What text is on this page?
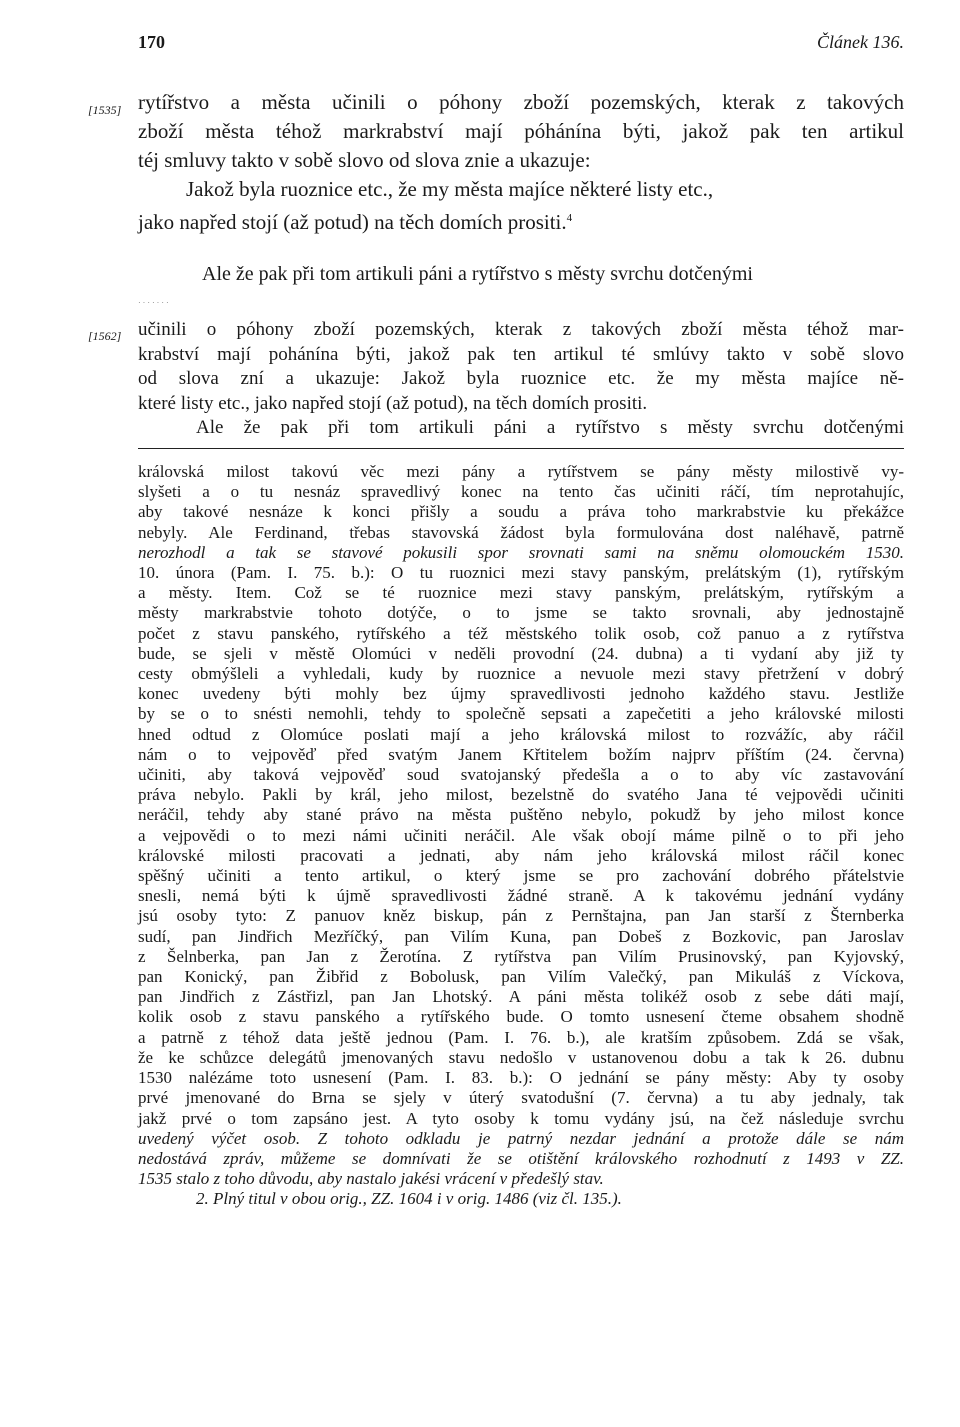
170	Článek 136.
[1535] rytířstvo a města učinili o póhony zboží pozemských, kterak z takových
zboží města téhož markrabství mají póhánína býti, jakož pak ten artikul
téj smluvy takto v sobě slovo od slova znie a ukazuje:
Jakož byla ruoznice etc., že my města majíce některé listy etc.,
jako napřed stojí (až potud) na těch domích prositi.$^4$
Ale že pak při tom artikuli páni a rytířstvo s městy svrchu dotčenými
·······
[1562] učinili o póhony zboží pozemských, kterak z takových zboží města téhož mar-
krabství mají pohánína býti, jakož pak ten artikul té smlúvy takto v sobě slovo
od slova zní a ukazuje: Jakož byla ruoznice etc. že my města majíce ně-
které listy etc., jako napřed stojí (až potud), na těch domích prositi.
Ale že pak při tom artikuli páni a rytířstvo s městy svrchu dotčenými
královská milost takovú věc mezi pány a rytířstvem se pány městy milostivě vy-
slyšeti a o tu nesnáz spravedlivý konec na tento čas učiniti ráčí, tím neprotahujíc,
aby takové nesnáze k konci přišly a soudu a práva toho markrabstvie ku překážce
nebyly. Ale Ferdinand, třebas stavovská žádost byla formulována dost naléhavě, patrně
nerozhodl a tak se stavové pokusili spor srovnati sami na sněmu olomouckém 1530.
10. února (Pam. I. 75. b.): O tu ruoznici mezi stavy panským, prelátským (1), rytířským
a městy. Item. Což se té ruoznice mezi stavy panským, prelátským, rytířským a
městy markrabstvie tohoto dotýče, o to jsme se takto srovnali, aby jednostajně
počet z stavu panského, rytířského a též městského tolik osob, což panuo a z rytířstva
bude, se sjeli v městě Olomúci v neděli provodní (24. dubna) a ti vydaní aby již ty
cesty obmýšleli a vyhledali, kudy by ruoznice a nevuole mezi stavy přetržení v dobrý
konec uvedeny býti mohly bez újmy spravedlivosti jednoho každého stavu. Jestliže
by se o to snésti nemohli, tehdy to společně sepsati a zapečetiti a jeho královské milosti
hned odtud z Olomúce poslati mají a jeho královská milost to rozvážíc, aby ráčil
nám o to vejpověď před svatým Janem Křtitelem božím najprv příštím (24. června)
učiniti, aby taková vejpověď soud svatojanský předešla a o to aby víc zastavování
práva nebylo. Pakli by král, jeho milost, bezelstně do svatého Jana té vejpovědi učiniti
neráčil, tehdy aby stané právo na města puštěno nebylo, pokudž by jeho milost konce
a vejpovědi o to mezi námi učiniti neráčil. Ale však obojí máme pilně o to při jeho
královské milosti pracovati a jednati, aby nám jeho královská milost ráčil konec
spěšný učiniti a tento artikul, o který jsme se pro zachování dobrého přátelstvie
snesli, nemá býti k újmě spravedlivosti žádné straně. A k takovému jednání vydány
jsú osoby tyto: Z panuov kněz biskup, pán z Pernštajna, pan Jan starší z Šternberka
sudí, pan Jindřich Mezříčký, pan Vilím Kuna, pan Dobeš z Bozkovic, pan Jaroslav
z Šelnberka, pan Jan z Žerotína. Z rytířstva pan Vilím Prusinovský, pan Kyjovský,
pan Konický, pan Žibřid z Bobolusk, pan Vilím Valečký, pan Mikuláš z Víckova,
pan Jindřich z Zástřizl, pan Jan Lhotský. A páni města tolikéž osob z sebe dáti mají,
kolik osob z stavu panského a rytířského bude. O tomto usnesení čteme obsahem shodně
a patrně z téhož data ještě jednou (Pam. I. 76. b.), ale kratším způsobem. Zdá se však,
že ke schůzce delegátů jmenovaných stavu nedošlo v ustanovenou dobu a tak k 26. dubnu
1530 nalézáme toto usnesení (Pam. I. 83. b.): O jednání se pány městy: Aby ty osoby
prvé jmenované do Brna se sjely v úterý svatodušní (7. června) a tu aby jednaly, tak
jakž prvé o tom zapsáno jest. A tyto osoby k tomu vydány jsú, na čež následuje svrchu
uvedený výčet osob. Z tohoto odkladu je patrný nezdar jednání a protože dále se nám
nedostává zpráv, můžeme se domnívati že se otištění královského rozhodnutí z 1493 v ZZ.
1535 stalo z toho důvodu, aby nastalo jakési vrácení v předešlý stav.
2. Plný titul v obou orig., ZZ. 1604 i v orig. 1486 (viz čl. 135.).
